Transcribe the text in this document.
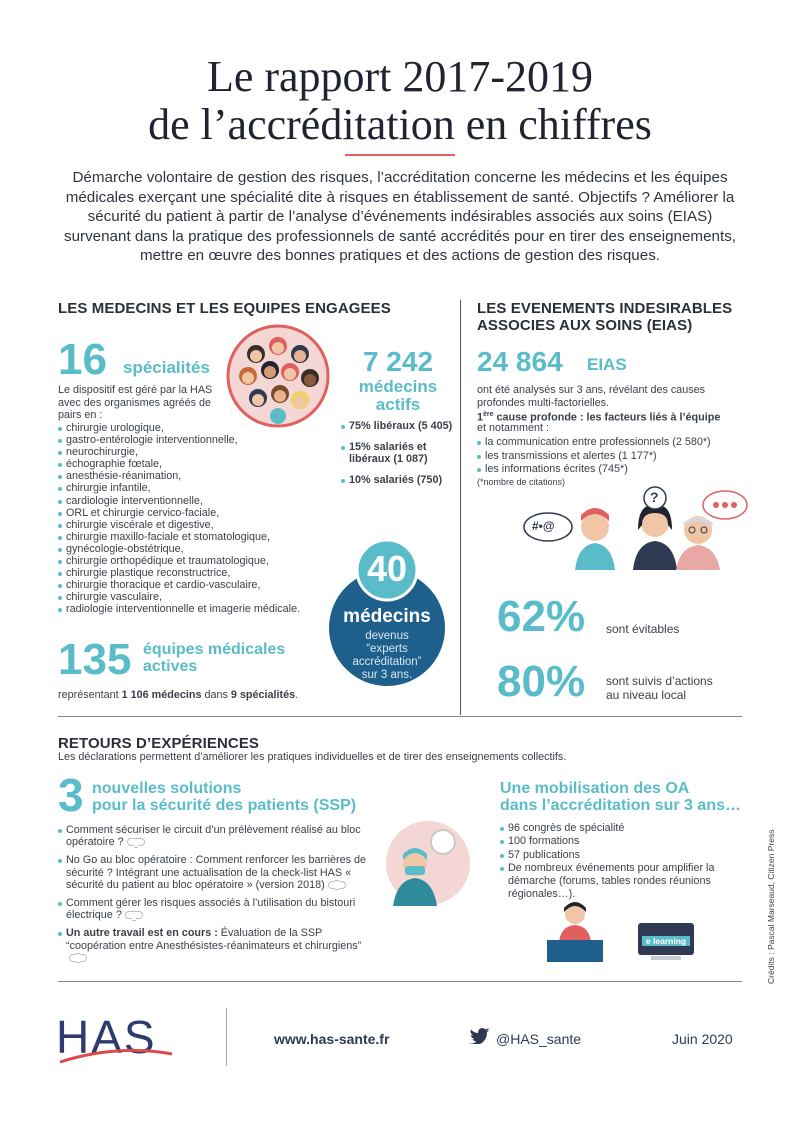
Le rapport 2017-2019
de l’accréditation en chiffres
Démarche volontaire de gestion des risques, l’accréditation concerne les médecins et les équipes médicales exerçant une spécialité dite à risques en établissement de santé. Objectifs ? Améliorer la sécurité du patient à partir de l’analyse d’événements indésirables associés aux soins (EIAS) survenant dans la pratique des professionnels de santé accrédités pour en tirer des enseignements, mettre en œuvre des bonnes pratiques et des actions de gestion des risques.
LES MEDECINS ET LES EQUIPES ENGAGEES
16 spécialités
Le dispositif est géré par la HAS avec des organismes agréés de pairs en :
chirurgie urologique,
gastro-entérologie interventionnelle,
neurochirurgie,
échographie fœtale,
anesthésie-réanimation,
chirurgie infantile,
cardiologie interventionnelle,
ORL et chirurgie cervico-faciale,
chirurgie viscérale et digestive,
chirurgie maxillo-faciale et stomatologique,
gynécologie-obstétrique,
chirurgie orthopédique et traumatologique,
chirurgie plastique reconstructrice,
chirurgie thoracique et cardio-vasculaire,
chirurgie vasculaire,
radiologie interventionnelle et imagerie médicale.
7 242
médecins
actifs
75% libéraux (5 405)
15% salariés et libéraux (1 087)
10% salariés (750)
40
médecins
devenus
“experts
accréditation”
sur 3 ans.
135 équipes médicales
actives
représentant 1 106 médecins dans 9 spécialités.
LES EVENEMENTS INDESIRABLES
ASSOCIES AUX SOINS (EIAS)
24 864 EIAS
ont été analysés sur 3 ans, révélant des causes profondes multi-factorielles.
1ère cause profonde : les facteurs liés à l’équipe
et notamment :
la communication entre professionnels (2 580*)
les transmissions et alertes (1 177*)
les informations écrites (745*)
(*nombre de citations)
#•@
?
62% sont évitables
80% sont suivis d’actions
au niveau local
RETOURS D’EXPÉRIENCES
Les déclarations permettent d’améliorer les pratiques individuelles et de tirer des enseignements collectifs.
3 nouvelles solutions
pour la sécurité des patients (SSP)
Comment sécuriser le circuit d’un prélèvement réalisé au bloc opératoire ?
No Go au bloc opératoire : Comment renforcer les barrières de sécurité ? Intégrant une actualisation de la check-list HAS « sécurité du patient au bloc opératoire » (version 2018)
Comment gérer les risques associés à l’utilisation du bistouri électrique ?
Un autre travail est en cours : Évaluation de la SSP “coopération entre Anesthésistes-réanimateurs et chirurgiens”
Une mobilisation des OA
dans l’accréditation sur 3 ans…
96 congrès de spécialité
100 formations
57 publications
De nombreux événements pour amplifier la démarche (forums, tables rondes réunions régionales…).
e learning	Crédits : Pascal Marseaud, Citizen Press
HAS	www.has-sante.fr	@HAS_sante	Juin 2020
